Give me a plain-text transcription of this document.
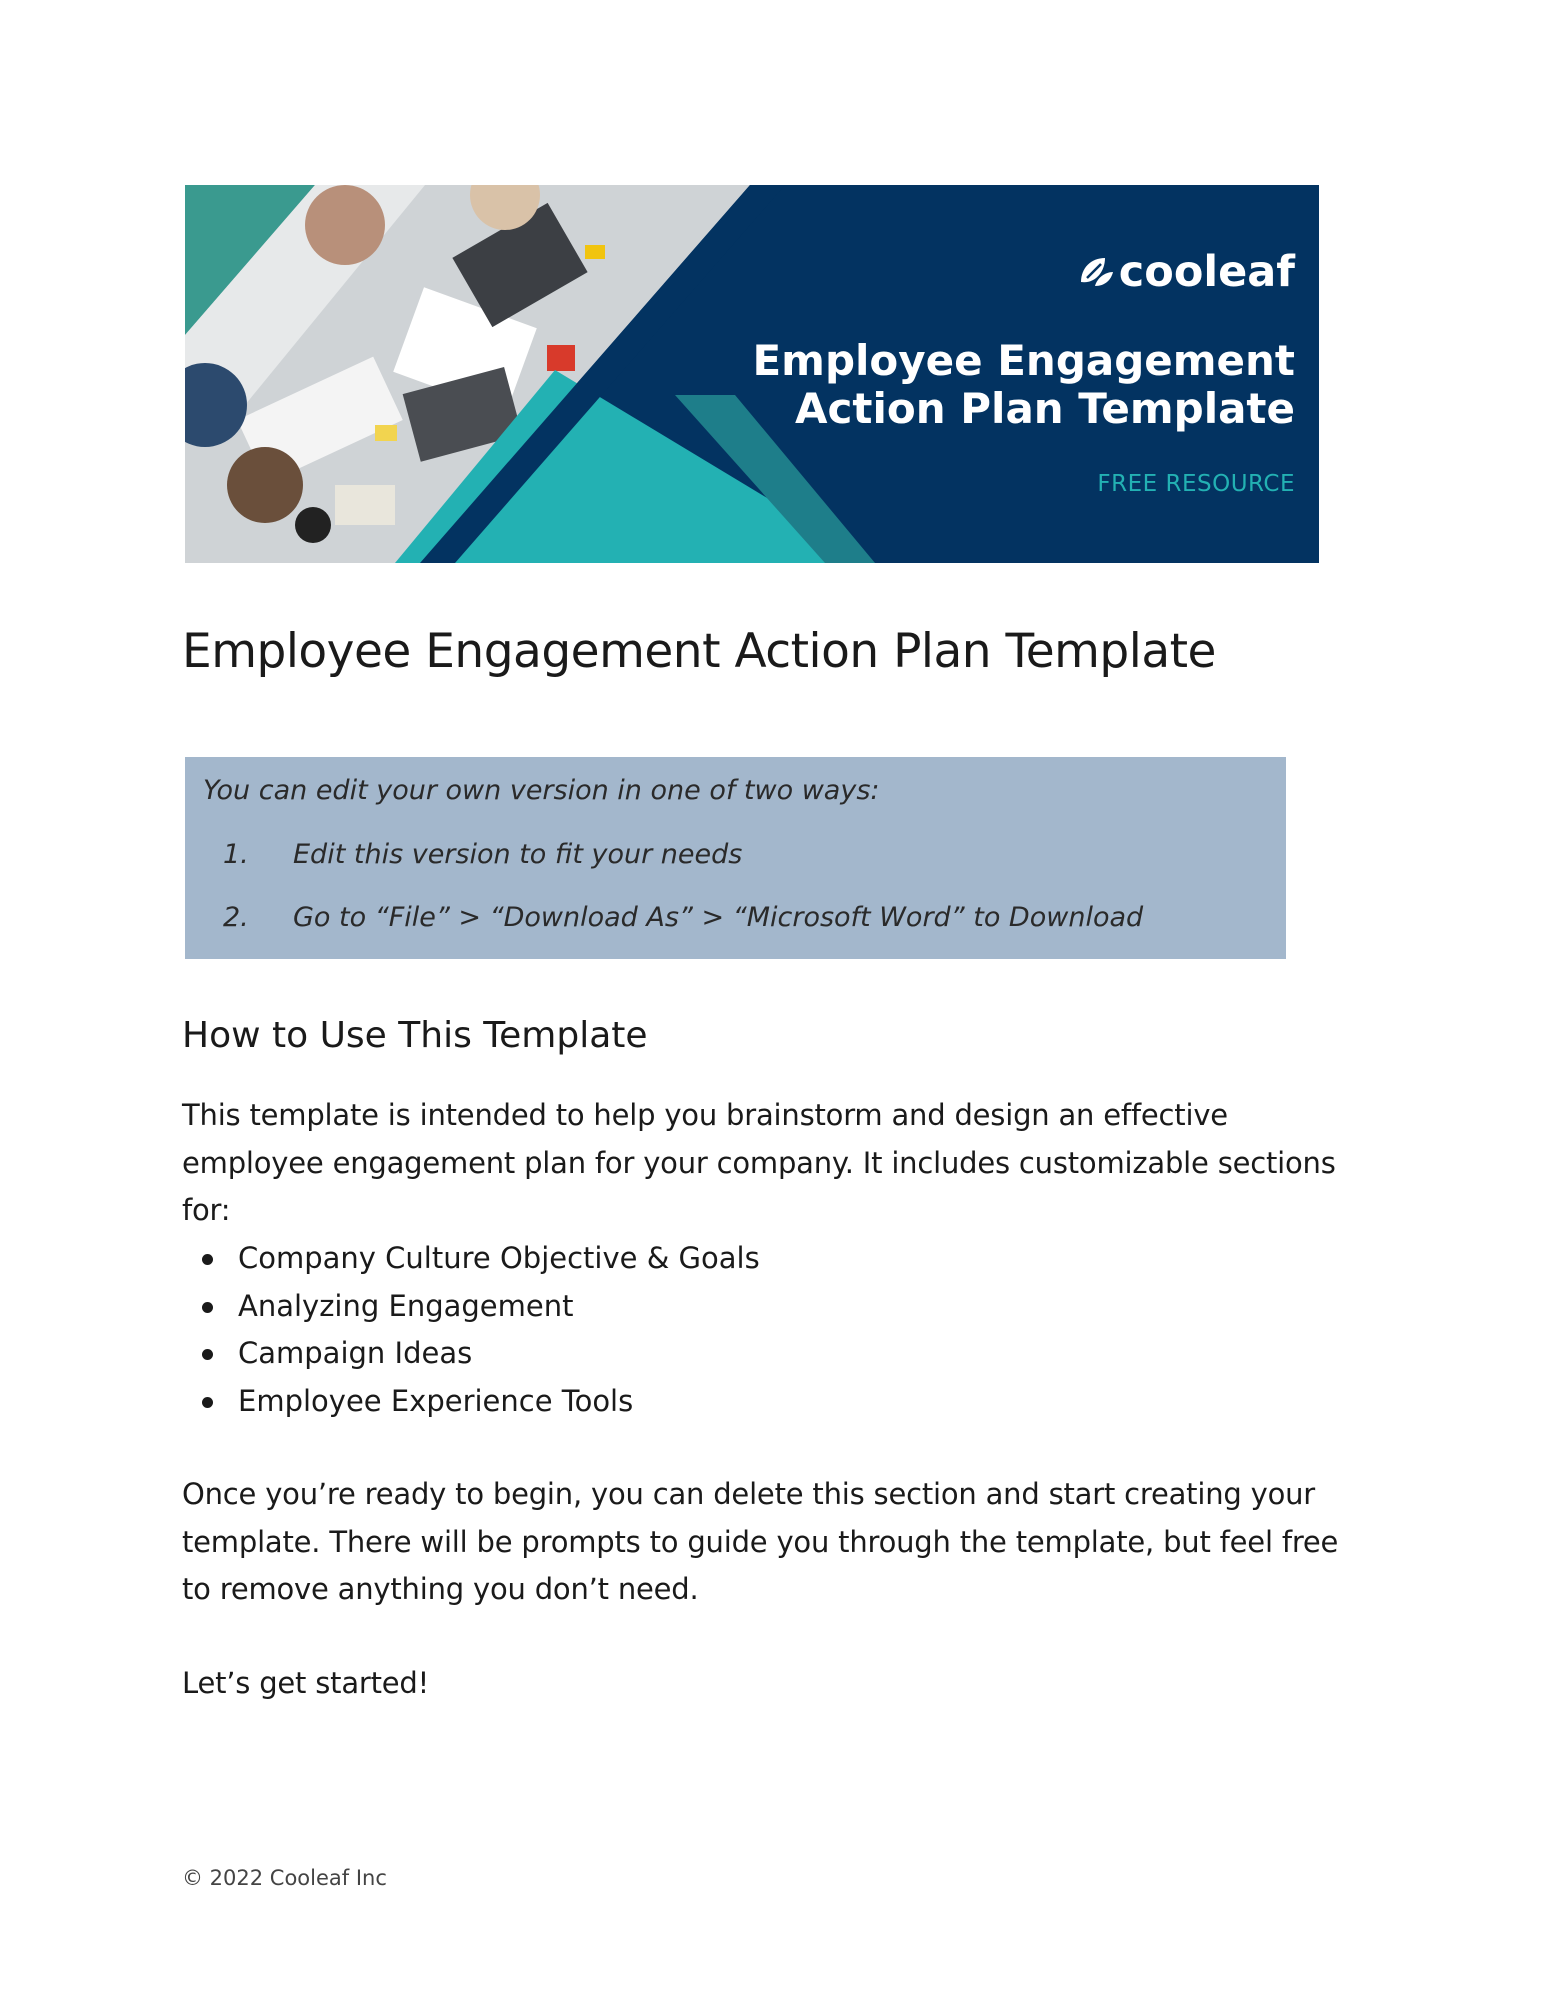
cooleaf
Employee Engagement
Action Plan Template
FREE RESOURCE
Employee Engagement Action Plan Template
You can edit your own version in one of two ways:
1. Edit this version to fit your needs
2. Go to “File” > “Download As” > “Microsoft Word” to Download
How to Use This Template

This template is intended to help you brainstorm and design an effective employee engagement plan for your company. It includes customizable sections for:

Company Culture Objective & Goals
Analyzing Engagement
Campaign Ideas
Employee Experience Tools

Once you’re ready to begin, you can delete this section and start creating your template. There will be prompts to guide you through the template, but feel free to remove anything you don’t need.

Let’s get started!

© 2022 Cooleaf Inc
